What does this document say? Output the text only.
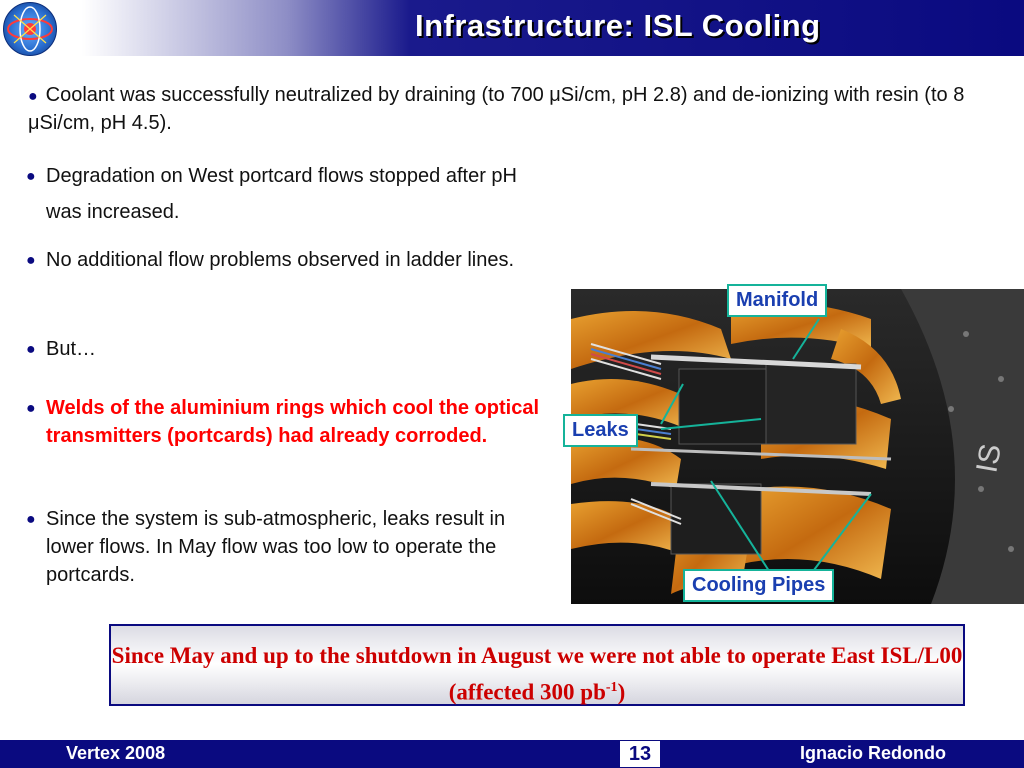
Infrastructure: ISL Cooling
● Coolant was successfully neutralized by draining (to 700 μSi/cm, pH 2.8) and de-ionizing with resin (to 8 μSi/cm, pH 4.5).
● Degradation on West portcard flows stopped after pH was increased.
● No additional flow problems observed in ladder lines.
● But…
● Welds of the aluminium rings which cool the optical transmitters (portcards) had already corroded.
● Since the system is sub-atmospheric, leaks result in lower flows. In May flow was too low to operate the portcards.
IS
Manifold
Leaks
Cooling Pipes
Since May and up to the shutdown in August we were not able to operate East ISL/L00 (affected 300 $pb^{-1}$)
Vertex 2008	13	Ignacio Redondo
